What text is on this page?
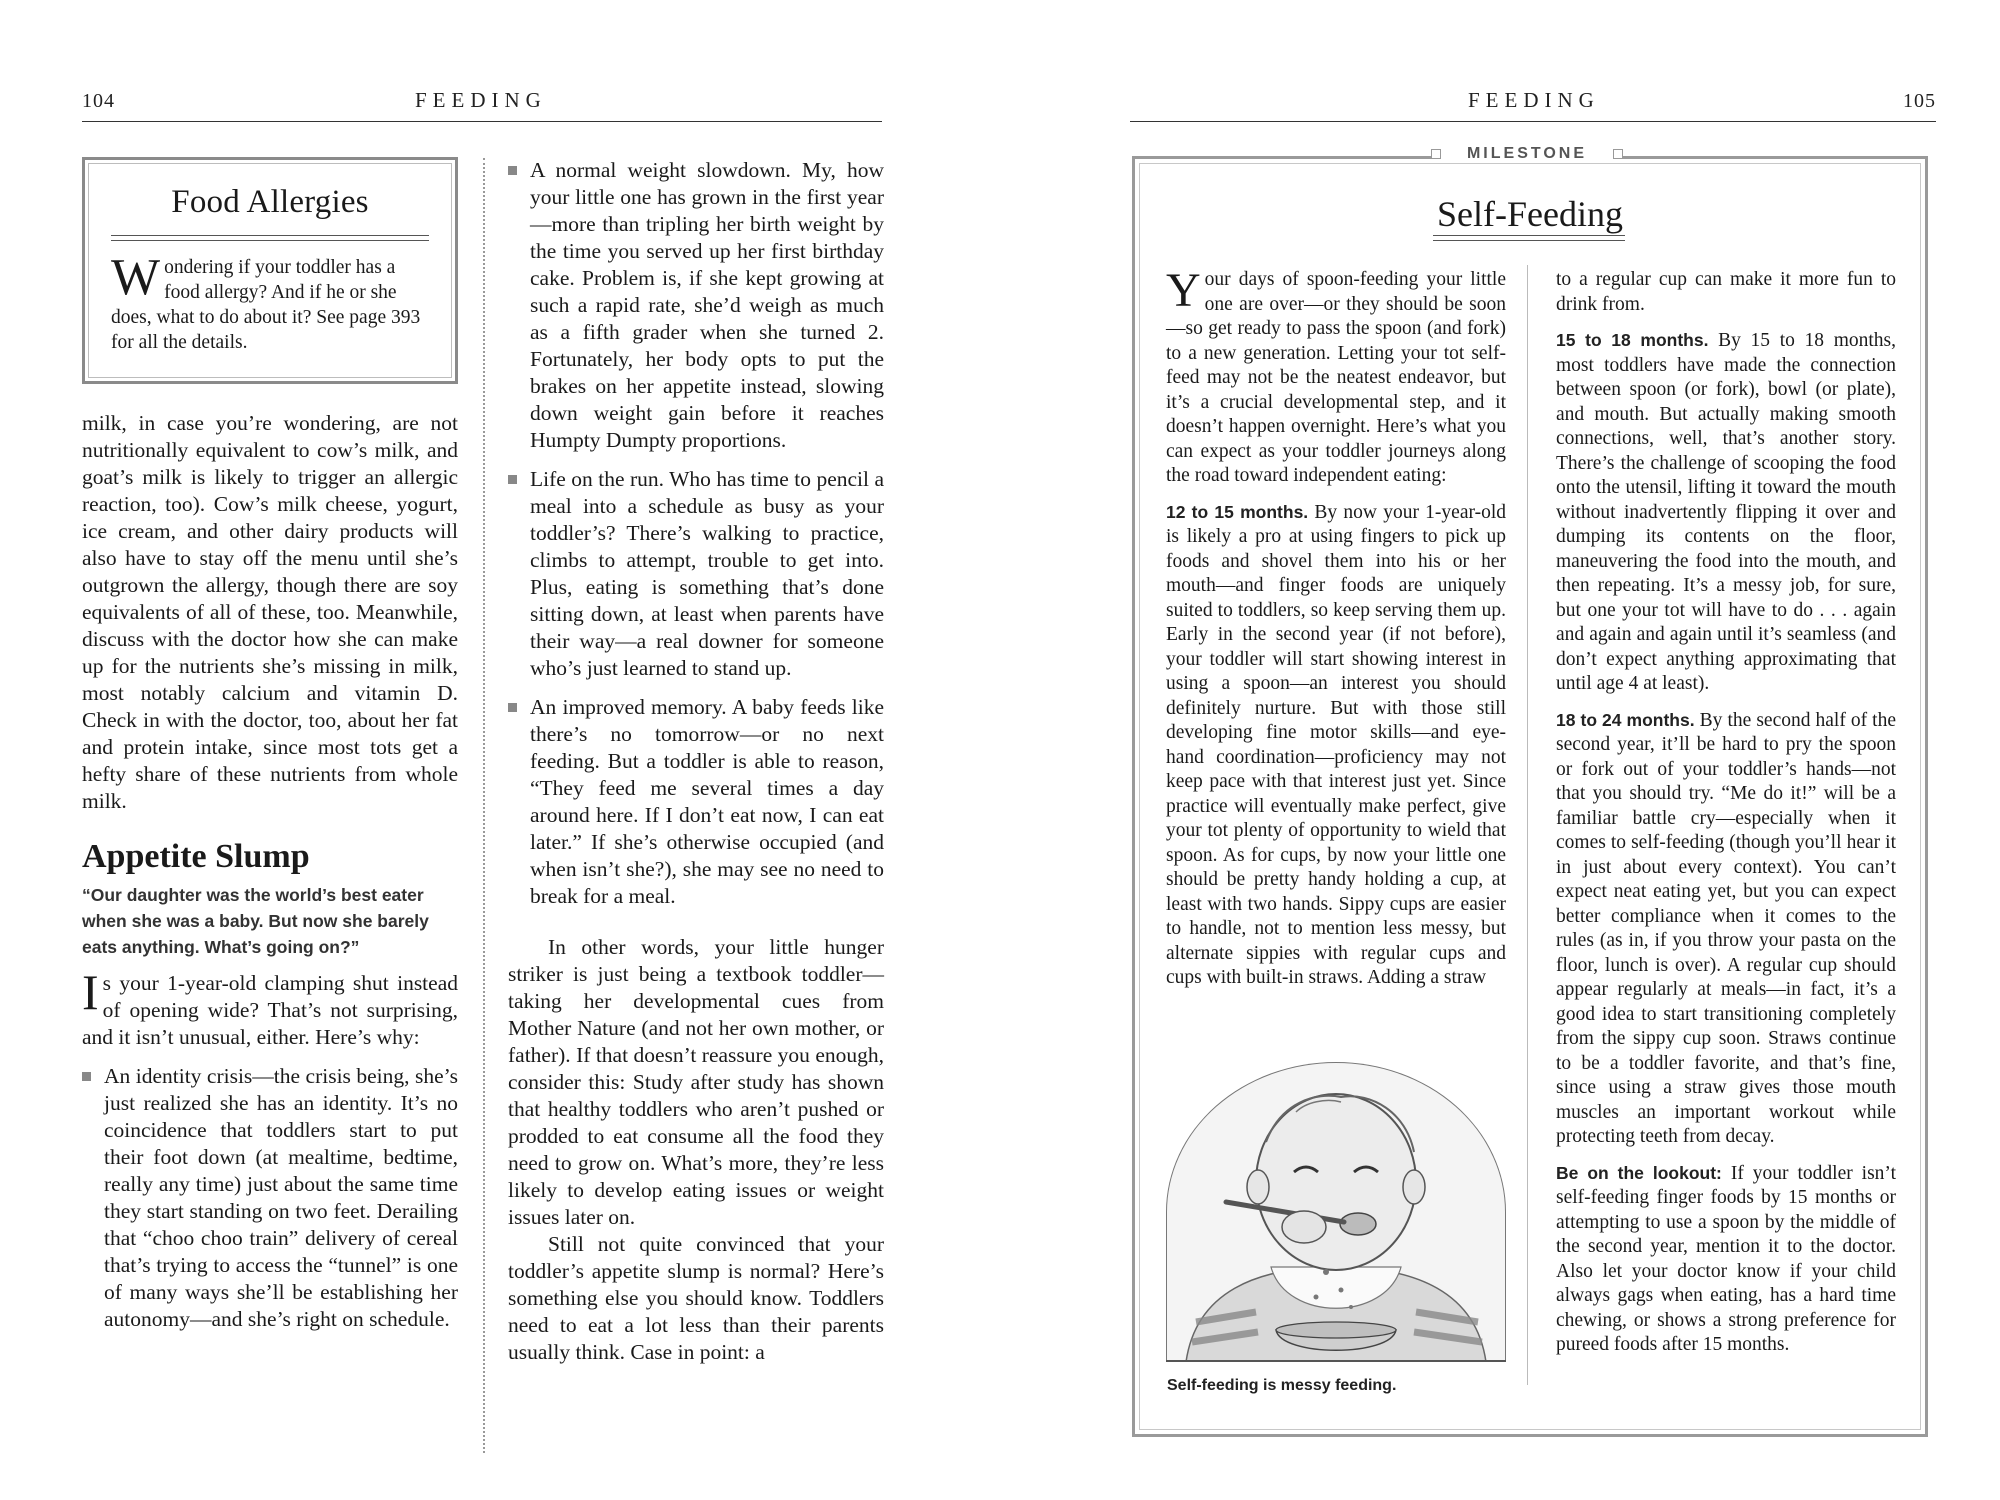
104	FEEDING
Food Allergies

Wondering if your toddler has a food allergy? And if he or she does, what to do about it? See page 393 for all the details.

milk, in case you’re wondering, are not nutritionally equivalent to cow’s milk, and goat’s milk is likely to trigger an allergic reaction, too). Cow’s milk cheese, yogurt, ice cream, and other dairy products will also have to stay off the menu until she’s outgrown the allergy, though there are soy equivalents of all of these, too. Meanwhile, discuss with the doctor how she can make up for the nutrients she’s missing in milk, most notably calcium and vitamin D. Check in with the doctor, too, about her fat and protein intake, since most tots get a hefty share of these nutrients from whole milk.

Appetite Slump

“Our daughter was the world’s best eater when she was a baby. But now she barely eats anything. What’s going on?”

Is your 1-year-old clamping shut instead of opening wide? That’s not surprising, and it isn’t unusual, either. Here’s why:

An identity crisis—the crisis being, she’s just realized she has an identity. It’s no coincidence that toddlers start to put their foot down (at mealtime, bedtime, really any time) just about the same time they start standing on two feet. Derailing that “choo choo train” delivery of cereal that’s trying to access the “tunnel” is one of many ways she’ll be establishing her autonomy—and she’s right on schedule.

A normal weight slowdown. My, how your little one has grown in the first year—more than tripling her birth weight by the time you served up her first birthday cake. Problem is, if she kept growing at such a rapid rate, she’d weigh as much as a fifth grader when she turned 2. Fortunately, her body opts to put the brakes on her appetite instead, slowing down weight gain before it reaches Humpty Dumpty proportions.

Life on the run. Who has time to pencil a meal into a schedule as busy as your toddler’s? There’s walking to practice, climbs to attempt, trouble to get into. Plus, eating is something that’s done sitting down, at least when parents have their way—a real downer for someone who’s just learned to stand up.

An improved memory. A baby feeds like there’s no tomorrow—or no next feeding. But a toddler is able to reason, “They feed me several times a day around here. If I don’t eat now, I can eat later.” If she’s otherwise occupied (and when isn’t she?), she may see no need to break for a meal.

In other words, your little hunger striker is just being a textbook toddler—taking her developmental cues from Mother Nature (and not her own mother, or father). If that doesn’t reassure you enough, consider this: Study after study has shown that healthy toddlers who aren’t pushed or prodded to eat consume all the food they need to grow on. What’s more, they’re less likely to develop eating issues or weight issues later on.

Still not quite convinced that your toddler’s appetite slump is normal? Here’s something else you should know. Toddlers need to eat a lot less than their parents usually think. Case in point: a

FEEDING	105
MILESTONE
Self-Feeding

Your days of spoon-feeding your little one are over—or they should be soon—so get ready to pass the spoon (and fork) to a new generation. Letting your tot self-feed may not be the neatest endeavor, but it’s a crucial developmental step, and it doesn’t happen overnight. Here’s what you can expect as your toddler journeys along the road toward independent eating:

12 to 15 months. By now your 1-year-old is likely a pro at using fingers to pick up foods and shovel them into his or her mouth—and finger foods are uniquely suited to toddlers, so keep serving them up. Early in the second year (if not before), your toddler will start showing interest in using a spoon—an interest you should definitely nurture. But with those still developing fine motor skills—and eye-hand coordination—proficiency may not keep pace with that interest just yet. Since practice will eventually make perfect, give your tot plenty of opportunity to wield that spoon. As for cups, by now your little one should be pretty handy holding a cup, at least with two hands. Sippy cups are easier to handle, not to mention less messy, but alternate sippies with regular cups and cups with built-in straws. Adding a straw

Self-feeding is messy feeding.

to a regular cup can make it more fun to drink from.

15 to 18 months. By 15 to 18 months, most toddlers have made the connection between spoon (or fork), bowl (or plate), and mouth. But actually making smooth connections, well, that’s another story. There’s the challenge of scooping the food onto the utensil, lifting it toward the mouth without inadvertently flipping it over and dumping its contents on the floor, maneuvering the food into the mouth, and then repeating. It’s a messy job, for sure, but one your tot will have to do . . . again and again and again until it’s seamless (and don’t expect anything approximating that until age 4 at least).

18 to 24 months. By the second half of the second year, it’ll be hard to pry the spoon or fork out of your toddler’s hands—not that you should try. “Me do it!” will be a familiar battle cry—especially when it comes to self-feeding (though you’ll hear it in just about every context). You can’t expect neat eating yet, but you can expect better compliance when it comes to the rules (as in, if you throw your pasta on the floor, lunch is over). A regular cup should appear regularly at meals—in fact, it’s a good idea to start transitioning completely from the sippy cup soon. Straws continue to be a toddler favorite, and that’s fine, since using a straw gives those mouth muscles an important workout while protecting teeth from decay.

Be on the lookout: If your toddler isn’t self-feeding finger foods by 15 months or attempting to use a spoon by the middle of the second year, mention it to the doctor. Also let your doctor know if your child always gags when eating, has a hard time chewing, or shows a strong preference for pureed foods after 15 months.
